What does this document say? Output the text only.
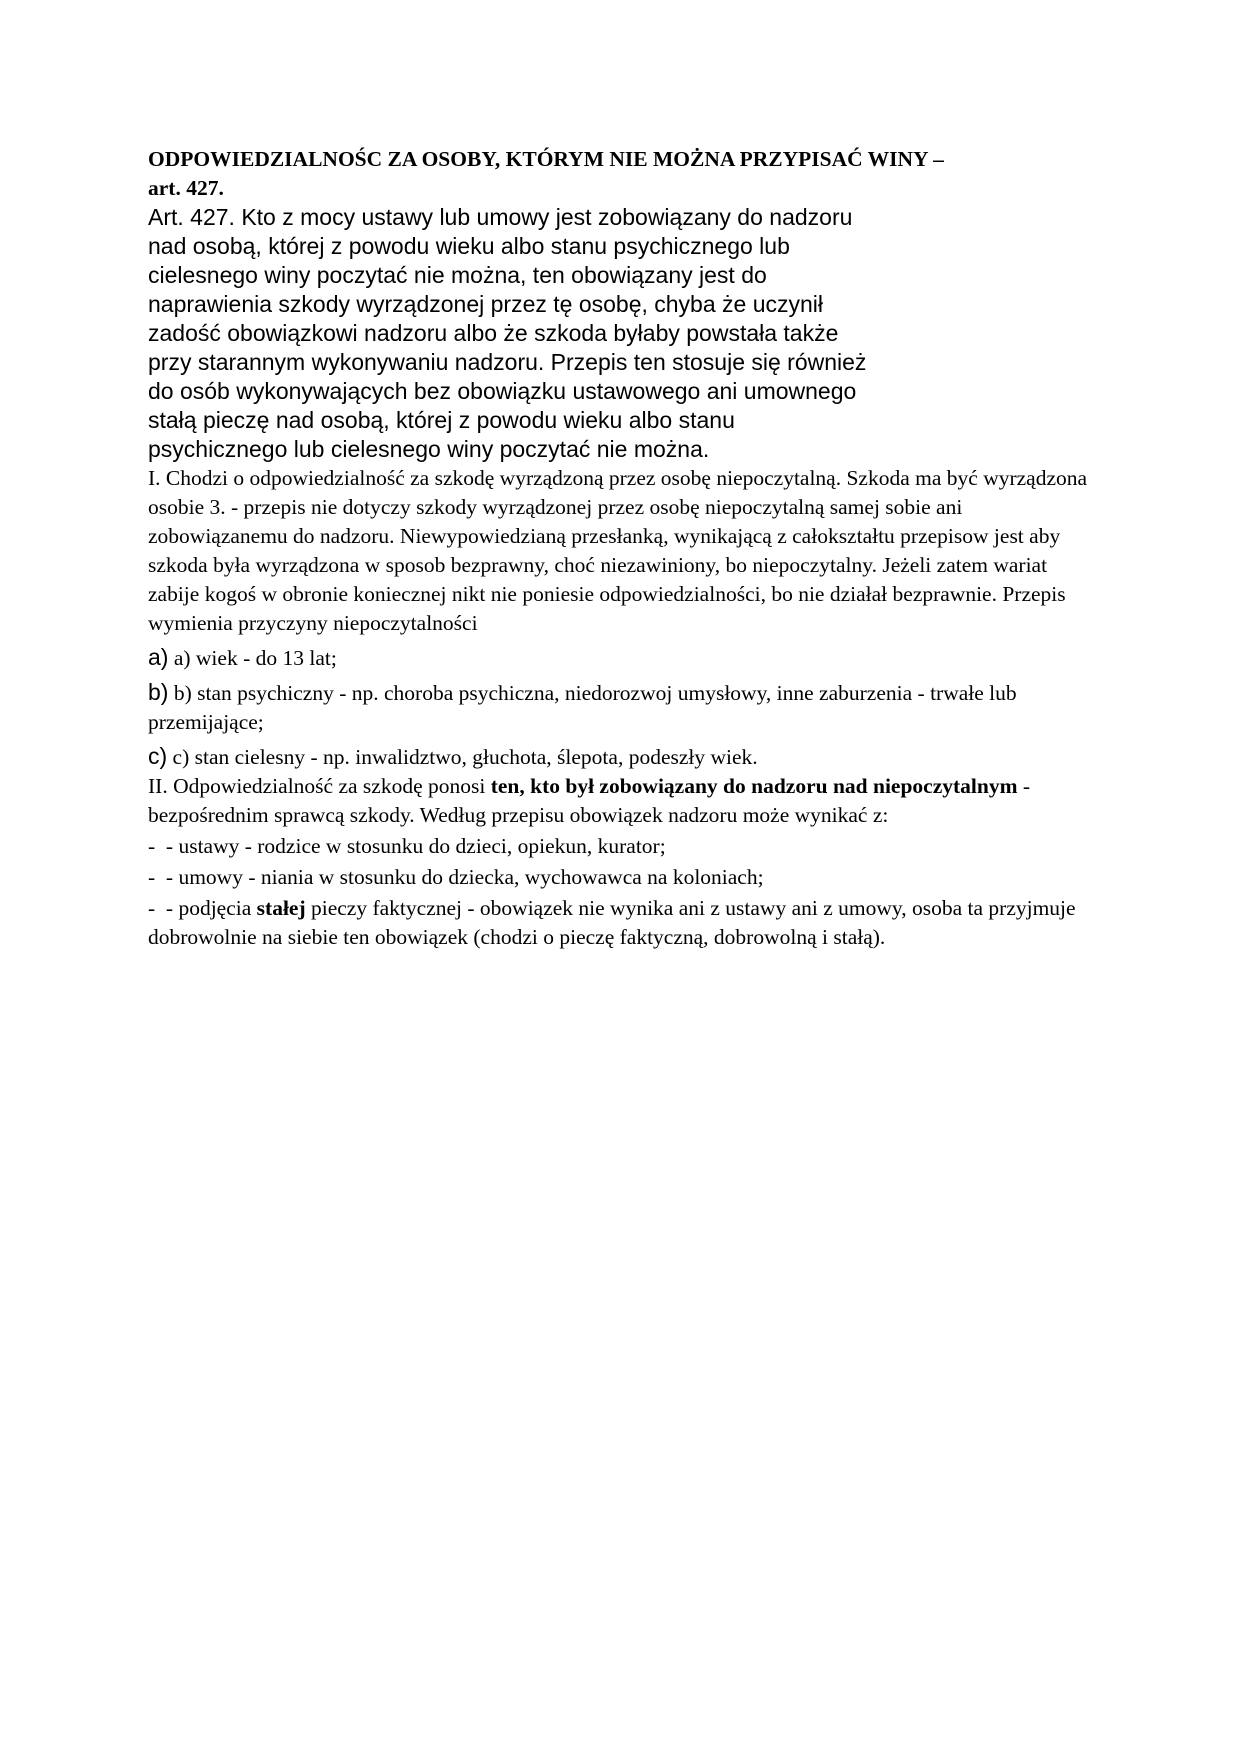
ODPOWIEDZIALNOŚC ZA OSOBY, KTÓRYM NIE MOŻNA PRZYPISAĆ WINY –
art. 427.

Art. 427. Kto z mocy ustawy lub umowy jest zobowiązany do nadzoru nad osobą, której z powodu wieku albo stanu psychicznego lub cielesnego winy poczytać nie można, ten obowiązany jest do naprawienia szkody wyrządzonej przez tę osobę, chyba że uczynił zadość obowiązkowi nadzoru albo że szkoda byłaby powstała także przy starannym wykonywaniu nadzoru. Przepis ten stosuje się również do osób wykonywających bez obowiązku ustawowego ani umownego stałą pieczę nad osobą, której z powodu wieku albo stanu psychicznego lub cielesnego winy poczytać nie można.

I. Chodzi o odpowiedzialność za szkodę wyrządzoną przez osobę niepoczytalną. Szkoda ma być wyrządzona osobie 3. - przepis nie dotyczy szkody wyrządzonej przez osobę niepoczytalną samej sobie ani zobowiązanemu do nadzoru. Niewypowiedzianą przesłanką, wynikającą z całokształtu przepisow jest aby szkoda była wyrządzona w sposob bezprawny, choć niezawiniony, bo niepoczytalny. Jeżeli zatem wariat zabije kogoś w obronie koniecznej nikt nie poniesie odpowiedzialności, bo nie działał bezprawnie. Przepis wymienia przyczyny niepoczytalności

a) a) wiek - do 13 lat;

b) b) stan psychiczny - np. choroba psychiczna, niedorozwoj umysłowy, inne zaburzenia - trwałe lub przemijające;

c) c) stan cielesny - np. inwalidztwo, głuchota, ślepota, podeszły wiek.

II. Odpowiedzialność za szkodę ponosi ten, kto był zobowiązany do nadzoru nad niepoczytalnym - bezpośrednim sprawcą szkody. Według przepisu obowiązek nadzoru może wynikać z:

- - ustawy - rodzice w stosunku do dzieci, opiekun, kurator;

- - umowy - niania w stosunku do dziecka, wychowawca na koloniach;

- - podjęcia stałej pieczy faktycznej - obowiązek nie wynika ani z ustawy ani z umowy, osoba ta przyjmuje dobrowolnie na siebie ten obowiązek (chodzi o pieczę faktyczną, dobrowolną i stałą).
